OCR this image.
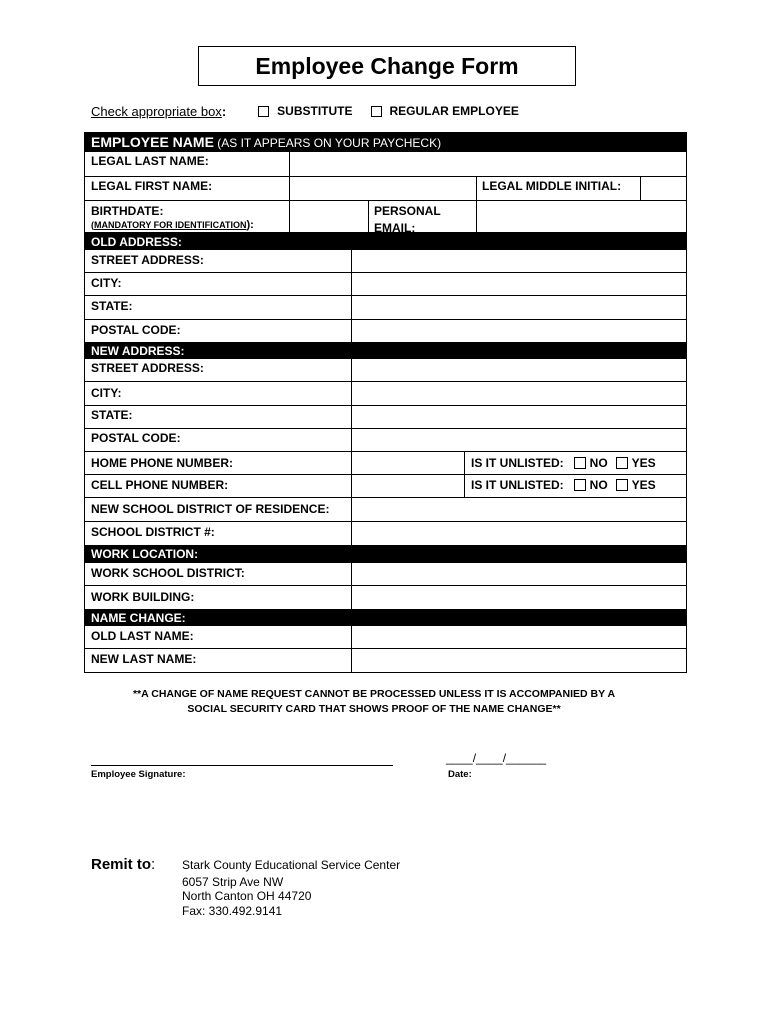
Employee Change Form
Check appropriate box :	SUBSTITUTE	REGULAR EMPLOYEE
EMPLOYEE NAME (AS IT APPEARS ON YOUR PAYCHECK)
LEGAL LAST NAME:
LEGAL FIRST NAME:	LEGAL MIDDLE INITIAL:
BIRTHDATE:
(MANDATORY FOR IDENTIFICATION):
PERSONAL
EMAIL:
OLD ADDRESS:
STREET ADDRESS:
CITY:
STATE:
POSTAL CODE:
NEW ADDRESS:
STREET ADDRESS:
CITY:
STATE:
POSTAL CODE:
HOME PHONE NUMBER:	IS IT UNLISTED: NO YES
CELL PHONE NUMBER:	IS IT UNLISTED: NO YES
NEW SCHOOL DISTRICT OF RESIDENCE:
SCHOOL DISTRICT #:
WORK LOCATION:
WORK SCHOOL DISTRICT:
WORK BUILDING:
NAME CHANGE:
OLD LAST NAME:
NEW LAST NAME:
**A CHANGE OF NAME REQUEST CANNOT BE PROCESSED UNLESS IT IS ACCOMPANIED BY A
SOCIAL SECURITY CARD THAT SHOWS PROOF OF THE NAME CHANGE**
Employee Signature:
____/____/______
Date:
Remit to: Stark County Educational Service Center
6057 Strip Ave NW
North Canton OH 44720
Fax: 330.492.9141
